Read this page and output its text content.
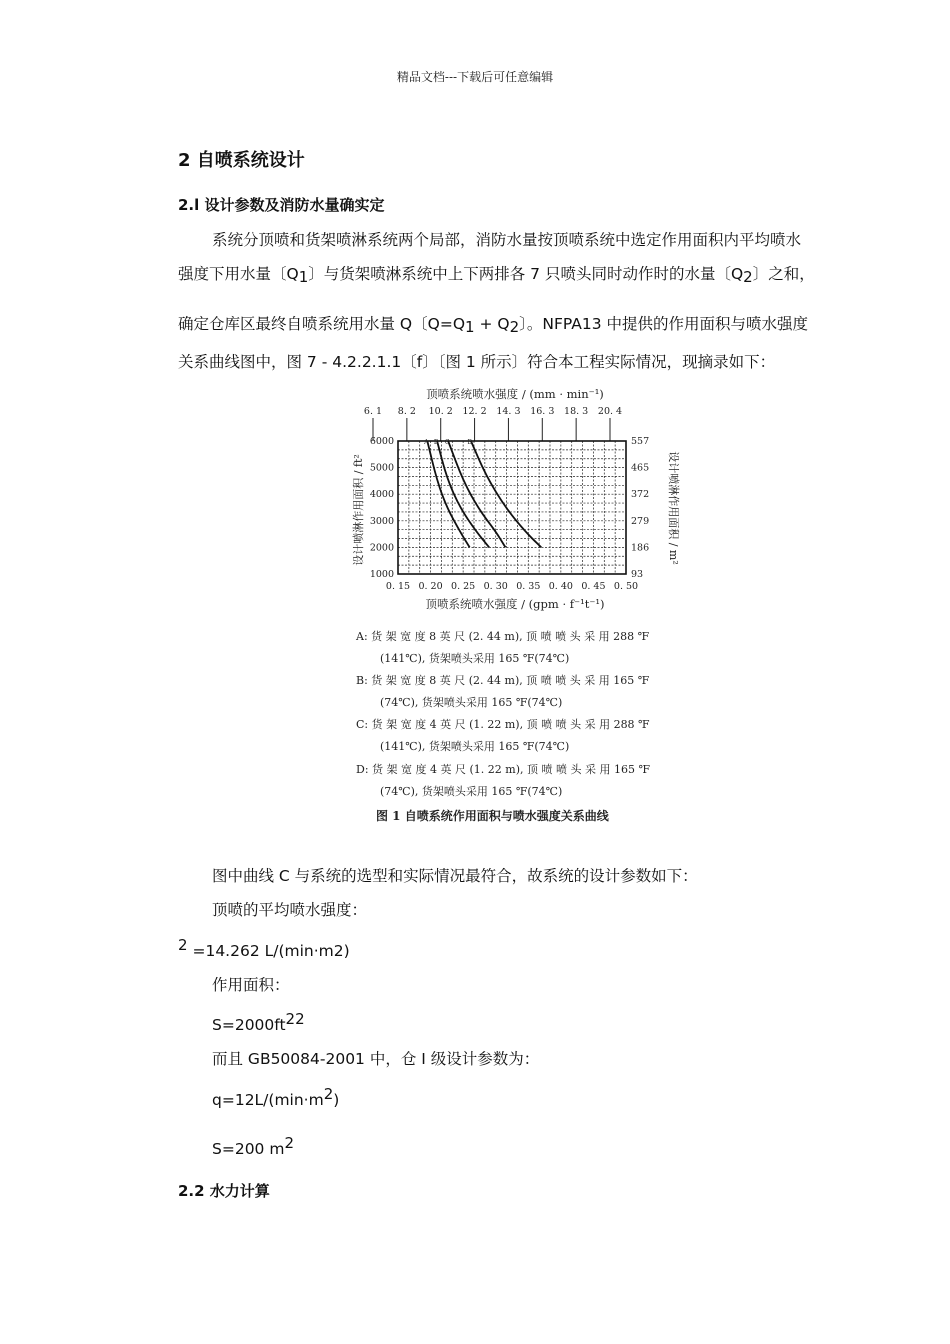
精品文档---下载后可任意编辑
2 自喷系统设计
2.l 设计参数及消防水量确实定
系统分顶喷和货架喷淋系统两个局部，消防水量按顶喷系统中选定作用面积内平均喷水
强度下用水量〔$Q_1$〕与货架喷淋系统中上下两排各 7 只喷头同时动作时的水量〔$Q_2$〕之和，
确定仓库区最终自喷系统用水量 Q〔$Q=Q_1 + Q_2$〕。NFPA13 中提供的作用面积与喷水强度
关系曲线图中，图 7 - 4.2.2.1.1〔f〕〔图 1 所示〕符合本工程实际情况，现摘录如下：
顶喷系统喷水强度 / (mm · min⁻¹)
6. 1 8. 2 10. 2 12. 2 14. 3 16. 3 18. 3 20. 4
A B C	D
6000
5000
4000
3000
2000
1000
557
465
372
279
186
93
0. 15 0. 20 0. 25 0. 30 0. 35 0. 40 0. 45 0. 50
设计喷淋作用面积 / ft²	设计喷淋作用面积 / m²
顶喷系统喷水强度 / (gpm · f⁻¹t⁻¹)
A: 货 架 宽 度 8 英 尺 (2. 44 m), 顶 喷 喷 头 采 用 288 ℉
(141℃), 货架喷头采用 165 ℉(74℃)
B: 货 架 宽 度 8 英 尺 (2. 44 m), 顶 喷 喷 头 采 用 165 ℉
(74℃), 货架喷头采用 165 ℉(74℃)
C: 货 架 宽 度 4 英 尺 (1. 22 m), 顶 喷 喷 头 采 用 288 ℉
(141℃), 货架喷头采用 165 ℉(74℃)
D: 货 架 宽 度 4 英 尺 (1. 22 m), 顶 喷 喷 头 采 用 165 ℉
(74℃), 货架喷头采用 165 ℉(74℃)
图 1 自喷系统作用面积与喷水强度关系曲线
图中曲线 C 与系统的选型和实际情况最符合，故系统的设计参数如下：
顶喷的平均喷水强度：
$^2$ =14.262 L/(min·m2)
作用面积：
$S=2000ft^{22}$
而且 GB50084-2001 中，仓 I 级设计参数为：
$q=12L/(\min\cdot m^2)$
S=200 $m^2$
2.2 水力计算
